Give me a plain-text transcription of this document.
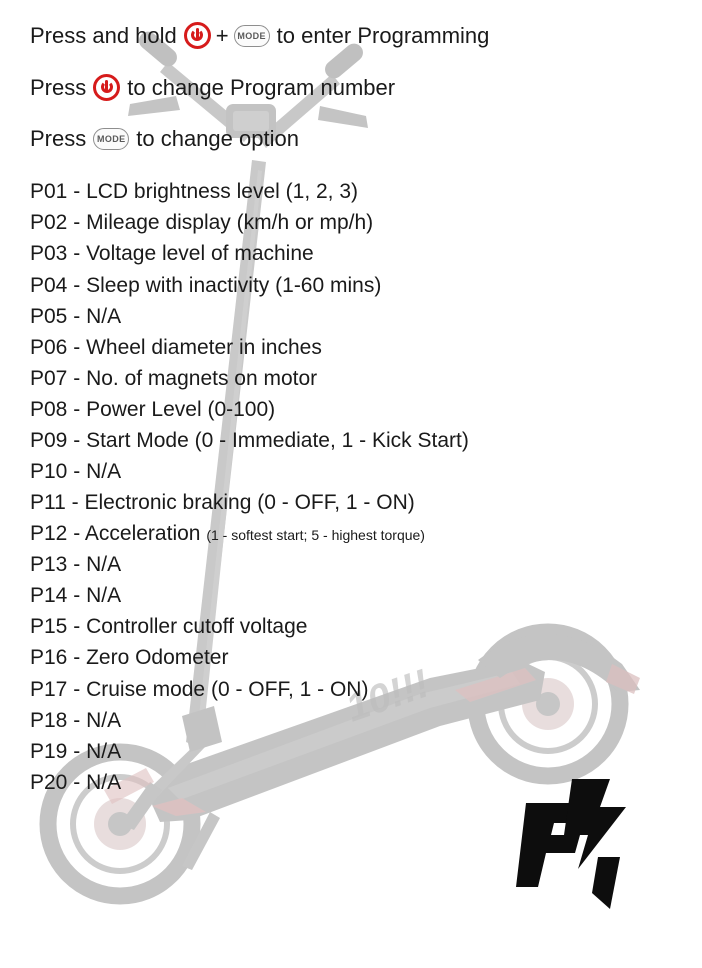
10!!!
Press and hold + MODE to enter Programming
Press to change Program number
Press	MODE to change option
P01 - LCD brightness level (1, 2, 3)
P02 - Mileage display (km/h or mp/h)
P03 - Voltage level of machine
P04 - Sleep with inactivity (1-60 mins)
P05 - N/A
P06 - Wheel diameter in inches
P07 - No. of magnets on motor
P08 - Power Level (0-100)
P09 - Start Mode (0 - Immediate, 1 - Kick Start)
P10 - N/A
P11 - Electronic braking (0 - OFF, 1 - ON)
P12 - Acceleration (1 - softest start; 5 - highest torque)
P13 - N/A
P14 - N/A
P15 - Controller cutoff voltage
P16 - Zero Odometer
P17 - Cruise mode (0 - OFF, 1 - ON)
P18 - N/A
P19 - N/A
P20 - N/A
